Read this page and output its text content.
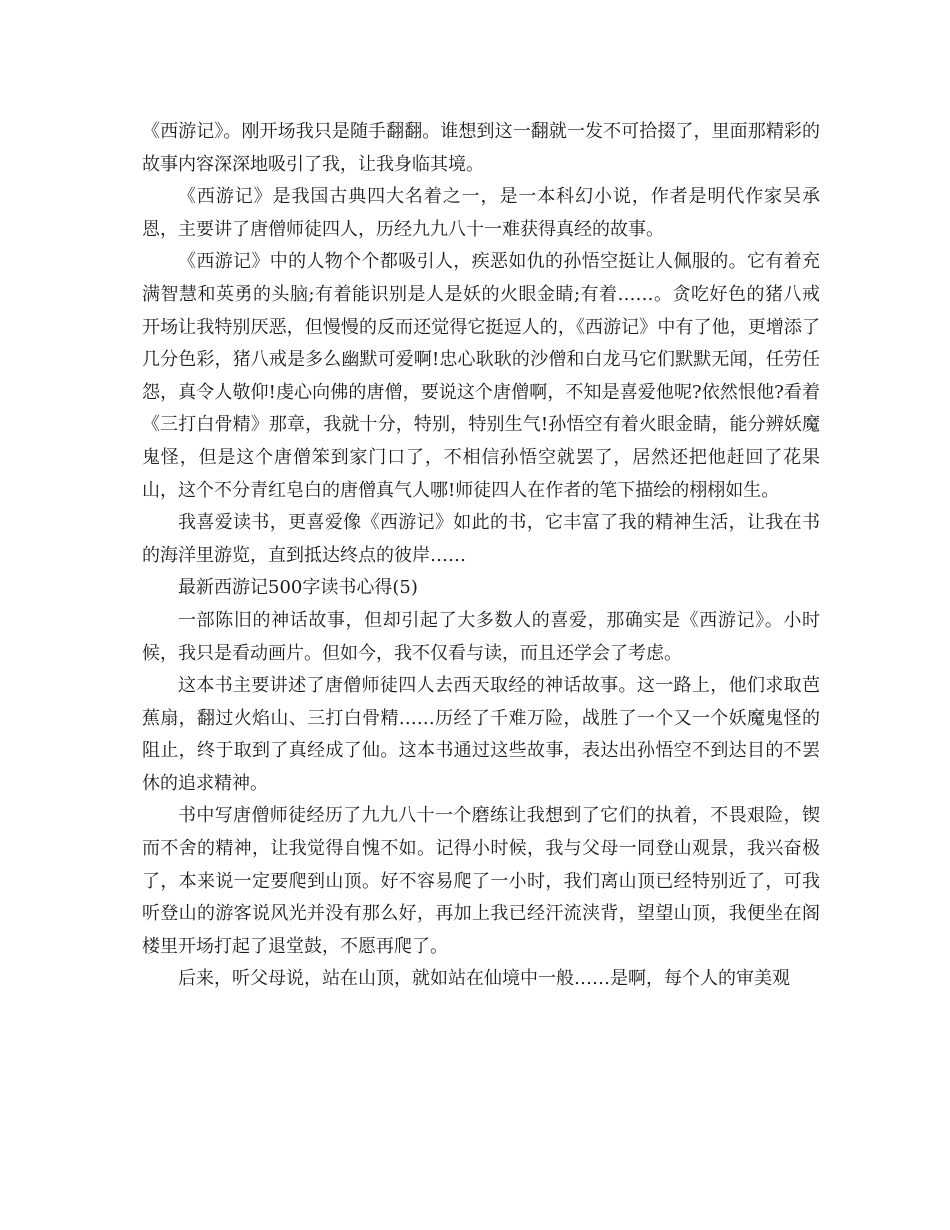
《西游记》。刚开场我只是随手翻翻。谁想到这一翻就一发不可拾掇了，里面那精彩的故事内容深深地吸引了我，让我身临其境。

《西游记》是我国古典四大名着之一，是一本科幻小说，作者是明代作家吴承恩，主要讲了唐僧师徒四人，历经九九八十一难获得真经的故事。

《西游记》中的人物个个都吸引人，疾恶如仇的孙悟空挺让人佩服的。它有着充满智慧和英勇的头脑;有着能识别是人是妖的火眼金睛;有着……。贪吃好色的猪八戒开场让我特别厌恶，但慢慢的反而还觉得它挺逗人的，《西游记》中有了他，更增添了几分色彩，猪八戒是多么幽默可爱啊!忠心耿耿的沙僧和白龙马它们默默无闻，任劳任怨，真令人敬仰!虔心向佛的唐僧，要说这个唐僧啊，不知是喜爱他呢?依然恨他?看着《三打白骨精》那章，我就十分，特别，特别生气!孙悟空有着火眼金睛，能分辨妖魔鬼怪，但是这个唐僧笨到家门口了，不相信孙悟空就罢了，居然还把他赶回了花果山，这个不分青红皂白的唐僧真气人哪!师徒四人在作者的笔下描绘的栩栩如生。

我喜爱读书，更喜爱像《西游记》如此的书，它丰富了我的精神生活，让我在书的海洋里游览，直到抵达终点的彼岸……

最新西游记500字读书心得(5)

一部陈旧的神话故事，但却引起了大多数人的喜爱，那确实是《西游记》。小时候，我只是看动画片。但如今，我不仅看与读，而且还学会了考虑。

这本书主要讲述了唐僧师徒四人去西天取经的神话故事。这一路上，他们求取芭蕉扇，翻过火焰山、三打白骨精……历经了千难万险，战胜了一个又一个妖魔鬼怪的阻止，终于取到了真经成了仙。这本书通过这些故事，表达出孙悟空不到达目的不罢休的追求精神。

书中写唐僧师徒经历了九九八十一个磨练让我想到了它们的执着，不畏艰险，锲而不舍的精神，让我觉得自愧不如。记得小时候，我与父母一同登山观景，我兴奋极了，本来说一定要爬到山顶。好不容易爬了一小时，我们离山顶已经特别近了，可我听登山的游客说风光并没有那么好，再加上我已经汗流浃背，望望山顶，我便坐在阁楼里开场打起了退堂鼓，不愿再爬了。

后来，听父母说，站在山顶，就如站在仙境中一般……是啊，每个人的审美观
